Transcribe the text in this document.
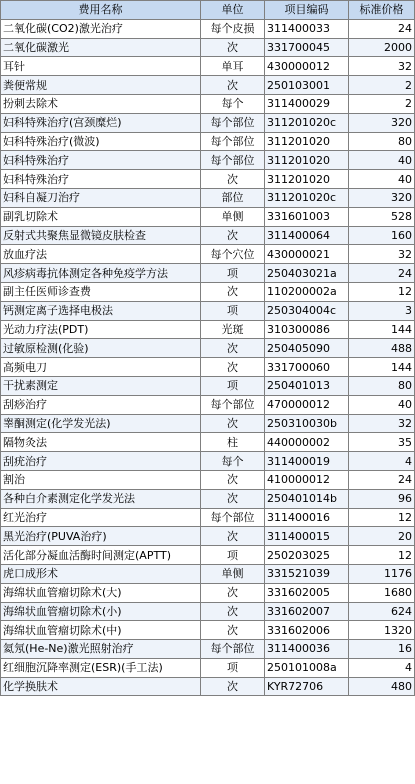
费用名称	单位	项目编码	标准价格
二氧化碳(CO2)激光治疗	每个皮损	311400033	24
二氧化碳激光	次	331700045	2000
耳针	单耳	430000012	32
粪便常规	次	250103001	2
扮刺去除术	每个	311400029	2
妇科特殊治疗(宫颈糜烂)	每个部位	311201020c	320
妇科特殊治疗(微波)	每个部位	311201020	80
妇科特殊治疗	每个部位	311201020	40
妇科特殊治疗	次	311201020	40
妇科自凝刀治疗	部位	311201020c	320
副乳切除术	单侧	331601003	528
反射式共聚焦显微镜皮肤检查	次	311400064	160
放血疗法	每个穴位	430000021	32
风疹病毒抗体测定各种免疫学方法	项	250403021a	24
副主任医师诊查费	次	110200002a	12
钙测定离子选择电极法	项	250304004c	3
光动力疗法(PDT)	光斑	310300086	144
过敏原检测(化验)	次	250405090	488
高频电刀	次	331700060	144
干扰素测定	项	250401013	80
刮痧治疗	每个部位	470000012	40
睾酮测定(化学发光法)	次	250310030b	32
隔物灸法	柱	440000002	35
刮疣治疗	每个	311400019	4
割治	次	410000012	24
各种白介素测定化学发光法	次	250401014b	96
红光治疗	每个部位	311400016	12
黑光治疗(PUVA治疗)	次	311400015	20
活化部分凝血活酶时间测定(APTT)	项	250203025	12
虎口成形术	单侧	331521039	1176
海绵状血管瘤切除术(大)	次	331602005	1680
海绵状血管瘤切除术(小)	次	331602007	624
海绵状血管瘤切除术(中)	次	331602006	1320
氦氖(He-Ne)激光照射治疗	每个部位	311400036	16
红细胞沉降率测定(ESR)(手工法)	项	250101008a	4
化学换肤术	次	KYR72706	480
